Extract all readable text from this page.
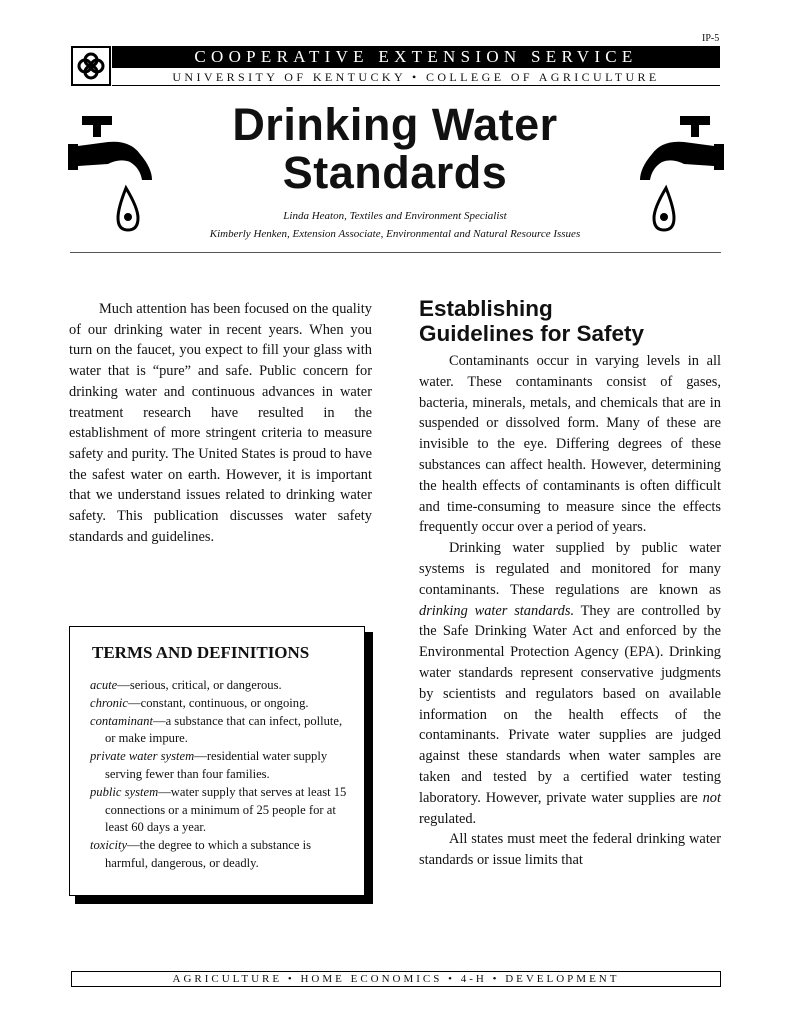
IP-5
COOPERATIVE EXTENSION SERVICE
UNIVERSITY OF KENTUCKY • COLLEGE OF AGRICULTURE
Drinking Water
Standards
Linda Heaton, Textiles and Environment Specialist
Kimberly Henken, Extension Associate, Environmental and Natural Resource Issues

Much attention has been focused on the quality of our drinking water in recent years. When you turn on the faucet, you expect to fill your glass with water that is “pure” and safe. Public concern for drinking water and continuous advances in water treatment research have resulted in the establishment of more stringent criteria to measure safety and purity. The United States is proud to have the safest water on earth. However, it is important that we understand issues related to drinking water safety. This publication discusses water safety standards and guidelines.

TERMS AND DEFINITIONS

acute—serious, critical, or dangerous.

chronic—constant, continuous, or ongoing.

contaminant—a substance that can infect, pollute, or make impure.

private water system—residential water supply serving fewer than four families.

public system—water supply that serves at least 15 connections or a minimum of 25 people for at least 60 days a year.

toxicity—the degree to which a substance is harmful, dangerous, or deadly.

Establishing
Guidelines for Safety

Contaminants occur in varying levels in all water. These contaminants consist of gases, bacteria, minerals, metals, and chemicals that are in suspended or dissolved form. Many of these are invisible to the eye. Differing degrees of these substances can affect health. However, determining the health effects of contaminants is often difficult and time-consuming to measure since the effects frequently occur over a period of years.

Drinking water supplied by public water systems is regulated and monitored for many contaminants. These regulations are known as drinking water standards. They are controlled by the Safe Drinking Water Act and enforced by the Environmental Protection Agency (EPA). Drinking water standards represent conservative judgments by scientists and regulators based on available information on the health effects of the contaminants. Private water supplies are judged against these standards when water samples are taken and tested by a certified water testing laboratory. However, private water supplies are not regulated.

All states must meet the federal drinking water standards or issue limits that

AGRICULTURE • HOME ECONOMICS • 4-H • DEVELOPMENT
